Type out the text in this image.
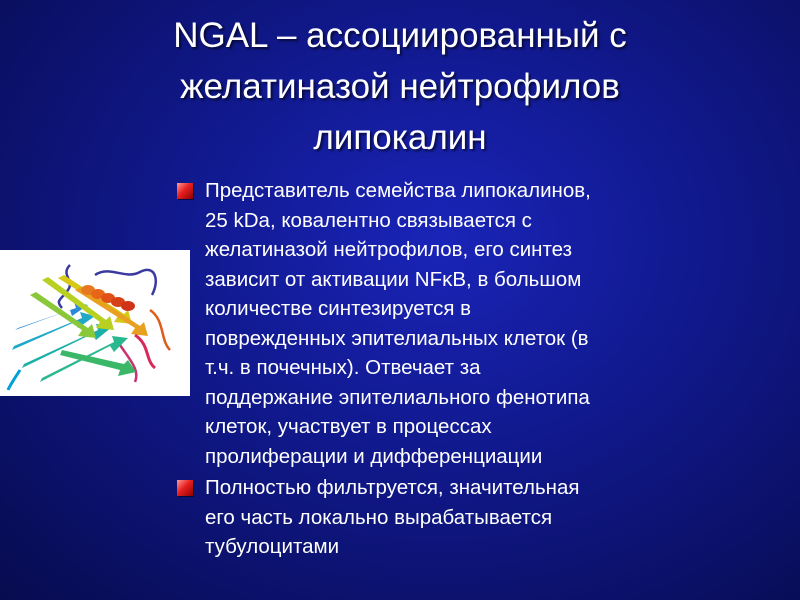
NGAL – ассоциированный с
желатиназой нейтрофилов
липокалин
Представитель семейства липокалинов,
25 kDa, ковалентно связывается с
желатиназой нейтрофилов, его синтез
зависит от активации NFκB, в большом
количестве синтезируется в
поврежденных эпителиальных клеток (в
т.ч. в почечных). Отвечает за
поддержание эпителиального фенотипа
клеток, участвует в процессах
пролиферации и дифференциации
Полностью фильтруется, значительная
его часть локально вырабатывается
тубулоцитами
